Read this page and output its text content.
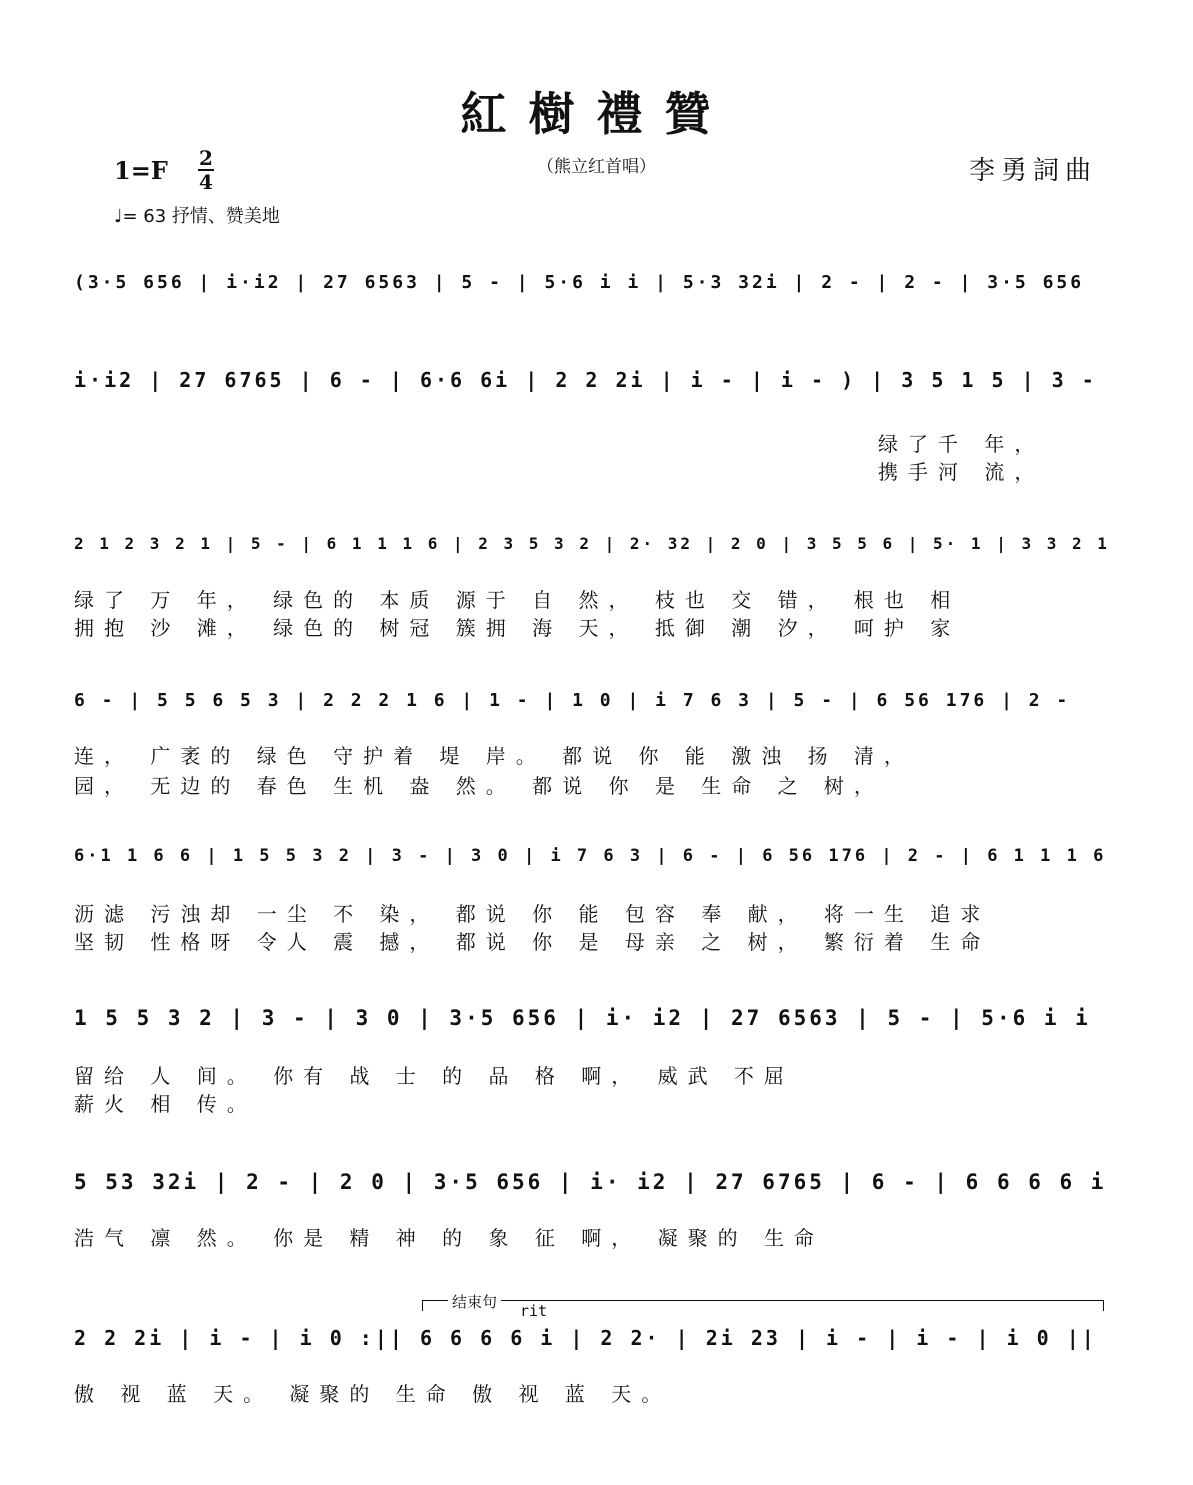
紅樹禮贊
（熊立红首唱）	李勇詞曲
1=F 2
4
♩= 63 抒情、赞美地
(3·5 656 | i·i2 | 27 6563 | 5 - | 5·6 i i | 5·3 32i | 2 - | 2 - | 3·5 656
i·i2 | 27 6765 | 6 - | 6·6 6i | 2 2 2i | i - | i - ) | 3 5 1 5 | 3 -
绿了千 年，
携手河 流，
2 1 2 3 2 1 | 5 - | 6 1 1 1 6 | 2 3 5 3 2 | 2· 32 | 2 0 | 3 5 5 6 | 5· 1 | 3 3 2 1
绿了 万 年， 绿色的 本质 源于 自 然， 枝也 交 错， 根也 相
拥抱 沙 滩， 绿色的 树冠 簇拥 海 天， 抵御 潮 汐， 呵护 家
6 - | 5 5 6 5 3 | 2 2 2 1 6 | 1 - | 1 0 | i 7 6 3 | 5 - | 6 56 176 | 2 -
连， 广袤的 绿色 守护着 堤 岸。 都说 你 能 激浊 扬 清，
园， 无边的 春色 生机 盎 然。 都说 你 是 生命 之 树，
6·1 1 6 6 | 1 5 5 3 2 | 3 - | 3 0 | i 7 6 3 | 6 - | 6 56 176 | 2 - | 6 1 1 1 6
沥滤 污浊却 一尘 不 染， 都说 你 能 包容 奉 献， 将一生 追求
坚韧 性格呀 令人 震 撼， 都说 你 是 母亲 之 树， 繁衍着 生命
1 5 5 3 2 | 3 - | 3 0 | 3·5 656 | i· i2 | 27 6563 | 5 - | 5·6 i i
留给 人 间。 你有 战 士 的 品 格 啊， 威武 不屈
薪火 相 传。
5 53 32i | 2 - | 2 0 | 3·5 656 | i· i2 | 27 6765 | 6 - | 6 6 6 6 i
浩气 凛 然。 你是 精 神 的 象 征 啊， 凝聚的 生命
2 2 2i | i - | i 0 :|| 6 6 6 6 i | 2 2· | 2i 23 | i - | i - | i 0 ||
傲 视 蓝 天。 凝聚的 生命 傲 视 蓝 天。
结束句 rit
